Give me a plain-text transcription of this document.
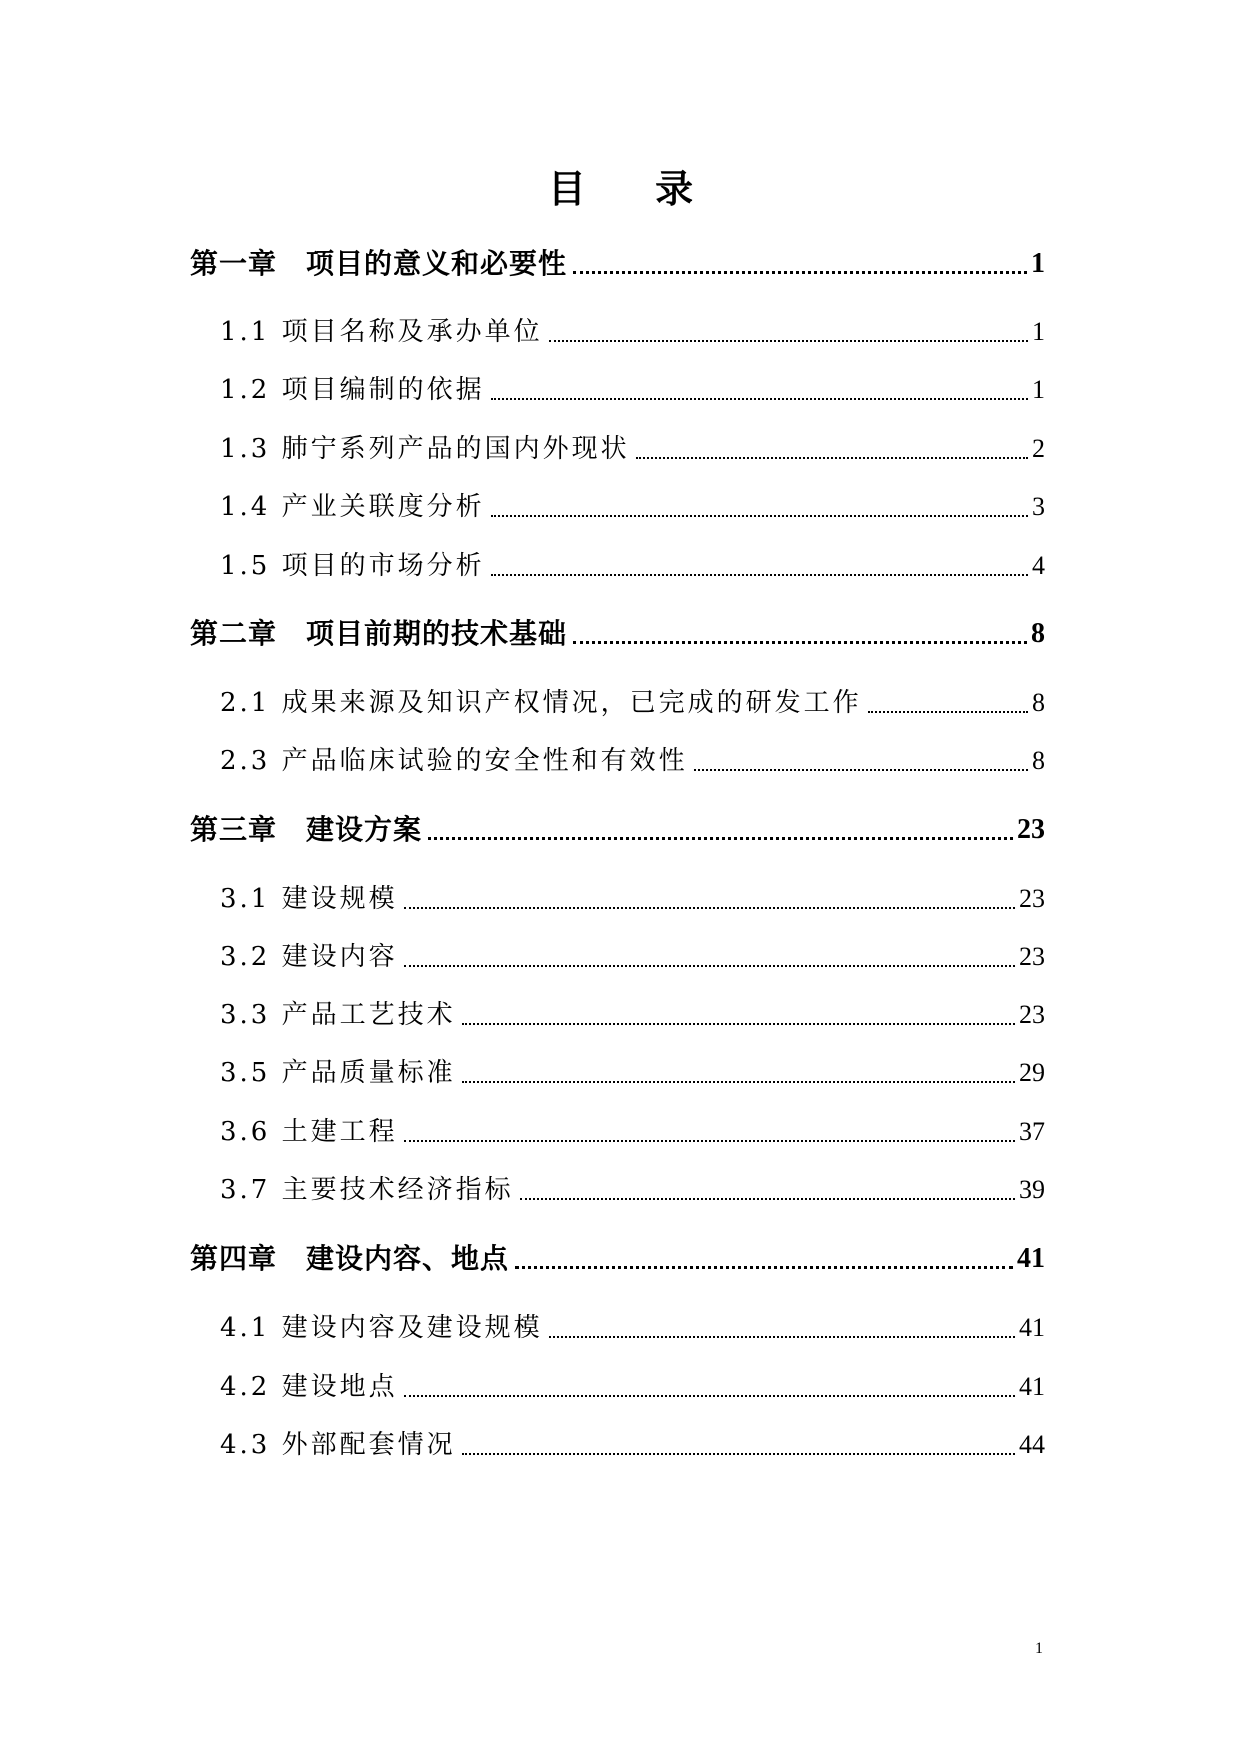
目 录
第一章　项目的意义和必要性	1
1.1 项目名称及承办单位	1
1.2 项目编制的依据	1
1.3 肺宁系列产品的国内外现状	2
1.4 产业关联度分析	3
1.5 项目的市场分析	4
第二章　项目前期的技术基础	8
2.1 成果来源及知识产权情况，已完成的研发工作	8
2.3 产品临床试验的安全性和有效性	8
第三章　建设方案	23
3.1 建设规模	23
3.2 建设内容	23
3.3 产品工艺技术	23
3.5 产品质量标准	29
3.6 土建工程	37
3.7 主要技术经济指标	39
第四章　建设内容、地点	41
4.1 建设内容及建设规模	41
4.2 建设地点	41
4.3 外部配套情况	44
1
